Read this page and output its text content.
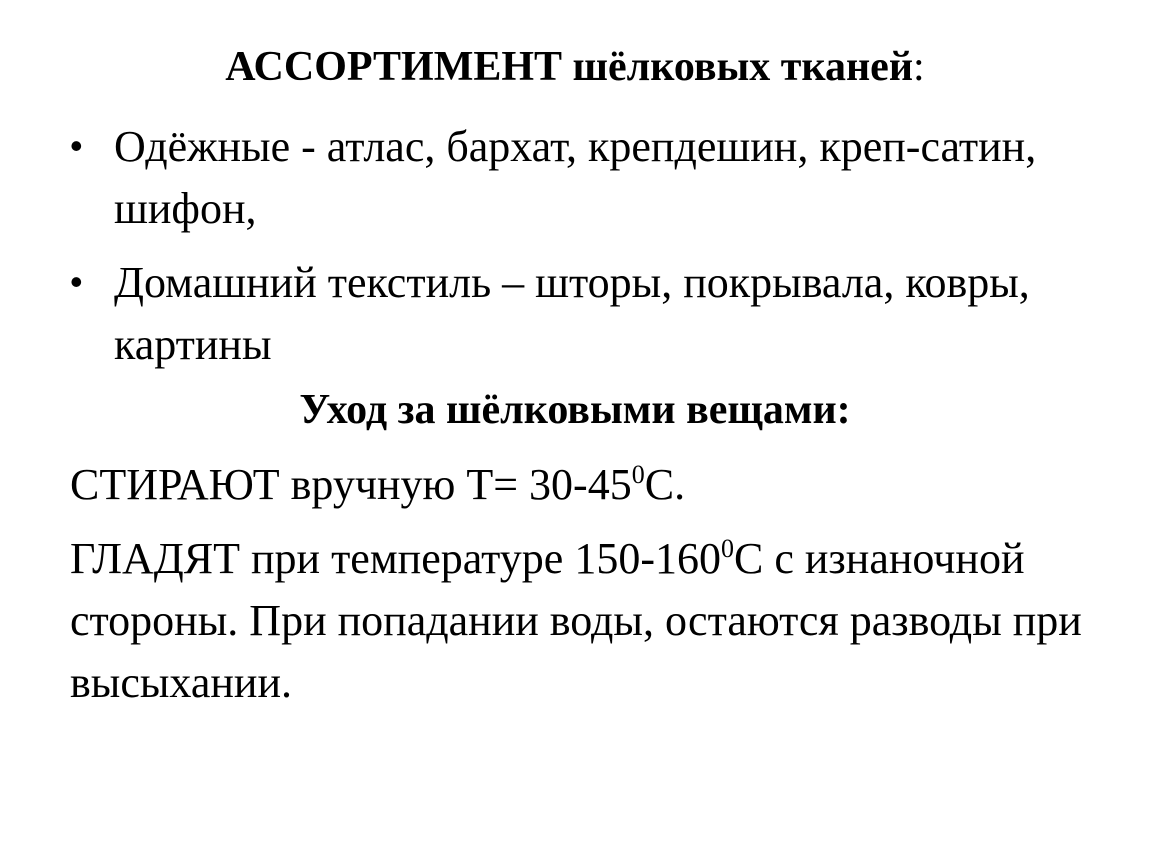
АССОРТИМЕНТ шёлковых тканей:
• Одёжные - атлас, бархат, крепдешин, креп-сатин, шифон,
• Домашний текстиль – шторы, покрывала, ковры, картины
Уход за шёлковыми вещами:
СТИРАЮТ вручную $Т= 30-45^0С$.
ГЛАДЯТ при температуре $150-160^0С$ с изнаночной стороны. При попадании воды, остаются разводы при высыхании.
